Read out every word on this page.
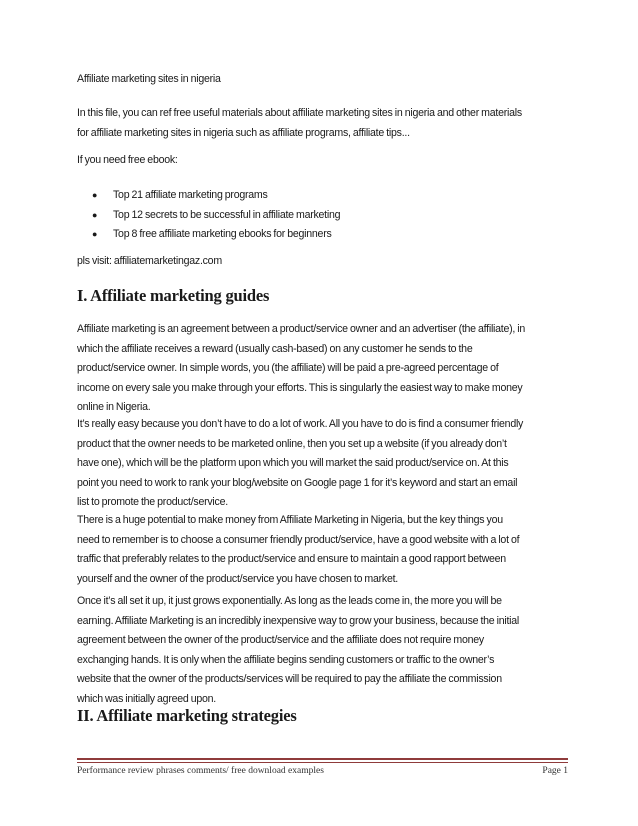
Affiliate marketing sites in nigeria

In this file, you can ref free useful materials about affiliate marketing sites in nigeria and other materials
for affiliate marketing sites in nigeria such as affiliate programs, affiliate tips...

If you need free ebook:

● Top 21 affiliate marketing programs
● Top 12 secrets to be successful in affiliate marketing
● Top 8 free affiliate marketing ebooks for beginners

pls visit: affiliatemarketingaz.com

I. Affiliate marketing guides
Affiliate marketing is an agreement between a product/service owner and an advertiser (the affiliate), in
which the affiliate receives a reward (usually cash-based) on any customer he sends to the
product/service owner. In simple words, you (the affiliate) will be paid a pre-agreed percentage of
income on every sale you make through your efforts. This is singularly the easiest way to make money
online in Nigeria.
It’s really easy because you don’t have to do a lot of work. All you have to do is find a consumer friendly
product that the owner needs to be marketed online, then you set up a website (if you already don’t
have one), which will be the platform upon which you will market the said product/service on. At this
point you need to work to rank your blog/website on Google page 1 for it’s keyword and start an email
list to promote the product/service.
There is a huge potential to make money from Affiliate Marketing in Nigeria, but the key things you
need to remember is to choose a consumer friendly product/service, have a good website with a lot of
traffic that preferably relates to the product/service and ensure to maintain a good rapport between
yourself and the owner of the product/service you have chosen to market.
Once it’s all set it up, it just grows exponentially. As long as the leads come in, the more you will be
earning. Affiliate Marketing is an incredibly inexpensive way to grow your business, because the initial
agreement between the owner of the product/service and the affiliate does not require money
exchanging hands. It is only when the affiliate begins sending customers or traffic to the owner’s
website that the owner of the products/services will be required to pay the affiliate the commission
which was initially agreed upon.
II. Affiliate marketing strategies
Performance review phrases comments/ free download examples	Page 1
